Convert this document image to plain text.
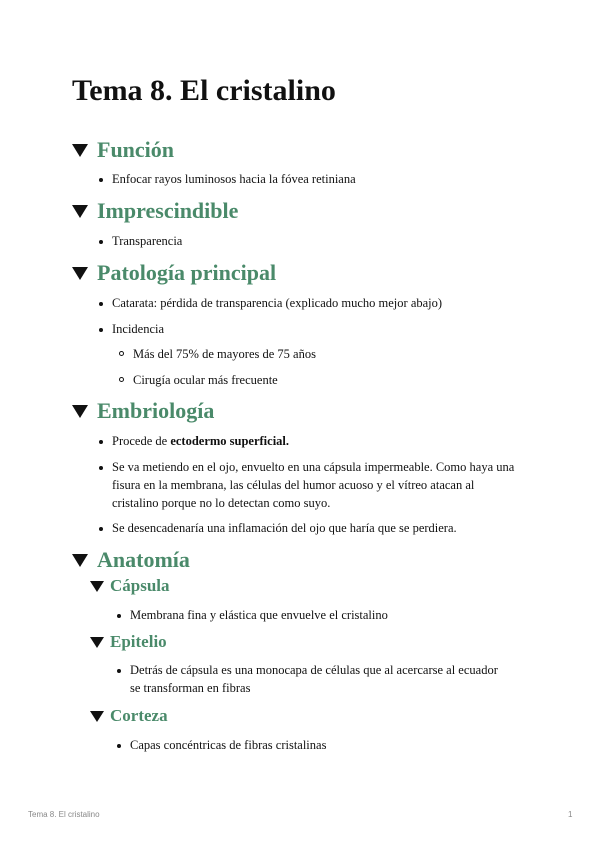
Tema 8. El cristalino
Función
Enfocar rayos luminosos hacia la fóvea retiniana
Imprescindible
Transparencia
Patología principal
Catarata: pérdida de transparencia (explicado mucho mejor abajo)
Incidencia
Más del 75% de mayores de 75 años
Cirugía ocular más frecuente
Embriología
Procede de ectodermo superficial.
Se va metiendo en el ojo, envuelto en una cápsula impermeable. Como haya una fisura en la membrana, las células del humor acuoso y el vítreo atacan al cristalino porque no lo detectan como suyo.
Se desencadenaría una inflamación del ojo que haría que se perdiera.
Anatomía
Cápsula
Membrana fina y elástica que envuelve el cristalino
Epitelio
Detrás de cápsula es una monocapa de células que al acercarse al ecuador se transforman en fibras
Corteza
Capas concéntricas de fibras cristalinas
Tema 8. El cristalino	1
